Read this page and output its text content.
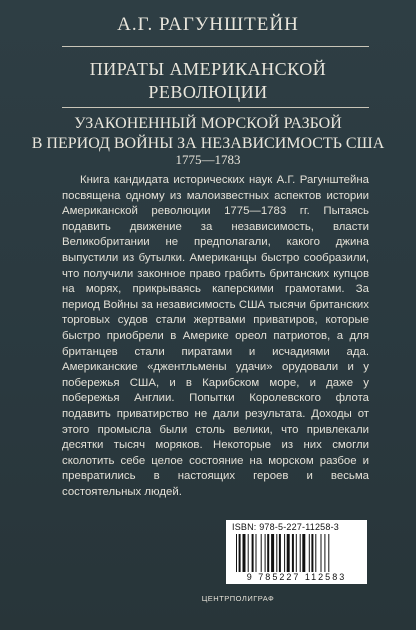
А.Г. РАГУНШТЕЙН
ПИРАТЫ АМЕРИКАНСКОЙ
РЕВОЛЮЦИИ
УЗАКОНЕННЫЙ МОРСКОЙ РАЗБОЙ
В ПЕРИОД ВОЙНЫ ЗА НЕЗАВИСИМОСТЬ США
1775—1783

Книга кандидата исторических наук А.Г. Рагунштейна посвящена одному из малоизвестных аспектов истории Американской революции 1775—1783 гг. Пытаясь подавить движение за независимость, власти Великобритании не предполагали, какого джина выпустили из бутылки. Американцы быстро сообразили, что получили законное право грабить британских купцов на морях, прикрываясь каперскими грамотами. За период Войны за независимость США тысячи британских торговых судов стали жертвами приватиров, которые быстро приобрели в Америке ореол патриотов, а для британцев стали пиратами и исчадиями ада. Американские «джентльмены удачи» орудовали и у побережья США, и в Карибском море, и даже у побережья Англии. Попытки Королевского флота подавить приватирство не дали результата. Доходы от этого промысла были столь велики, что привлекали десятки тысяч моряков. Некоторые из них смогли сколотить себе целое состояние на морском разбое и превратились в настоящих героев и весьма состоятельных людей.

ISBN: 978-5-227-11258-3
9 785227 112583
ЦЕНТРПОЛИГРАФ
